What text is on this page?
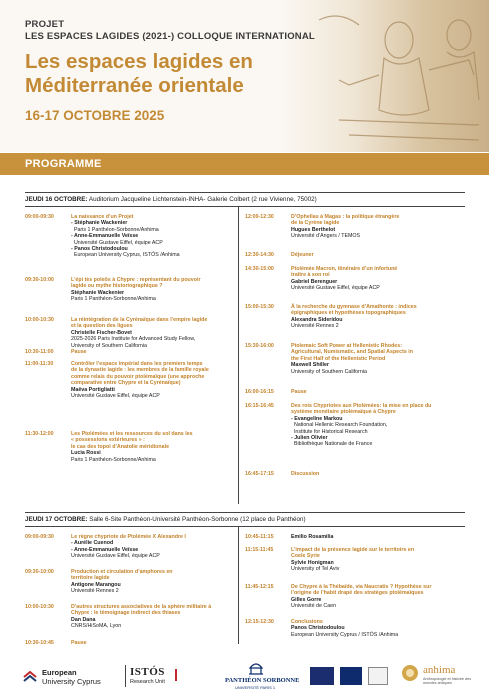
PROJET
LES ESPACES LAGIDES (2021-) COLLOQUE INTERNATIONAL
Les espaces lagides en
Méditerranée orientale
16-17 OCTOBRE 2025
PROGRAMME
JEUDI 16 OCTOBRE: Auditorium Jacqueline Lichtenstein-INHA- Galerie Colbert (2 rue Vivienne, 75002)
09:00-09:30	La naissance d’un Projet
- Stéphanie Wackenier
Paris 1 Panthéon-Sorbonne/Anhima
- Anne-Emmanuelle Veïsse
Université Gustave Eiffel, équipe ACP
- Panos Christodoulou
European University Cyprus, ISTÓS /Anhima
09:30-10:00	L’épi tès poleôs à Chypre : représentant du pouvoir
lagide ou mythe historiographique ?
Stéphanie Wackenier
Paris 1 Panthéon-Sorbonne/Anhima
10:00-10:30	La réintégration de la Cyrénaïque dans l’empire lagide
et la question des ligues
Christelle Fischer-Bovet
2025-2026 Paris Institute for Advanced Study Fellow,
University of Southern California
10:30-11:00	Pause
11:00-11:30	Contrôler l’espace impérial dans les premiers temps
de la dynastie lagide : les membres de la famille royale
comme relais du pouvoir ptolémaïque (une approche
comparative entre Chypre et la Cyrénaïque)
Maëva Portigliatti
Université Gustave Eiffel, équipe ACP
11:30-12:00	Les Ptolémées et les ressources du sol dans les
« possessions extérieures » :
le cas des topoi d’Anatolie méridionale
Lucia Rossi
Paris 1 Panthéon-Sorbonne/Anhima
12:00-12:30	D’Ophellas à Magas : la politique étrangère
de la Cyrène lagide
Hugues Berthelot
Université d’Angers / TEMOS
12:30-14:30	Déjeuner
14:30-15:00	Ptolémée Macron, itinéraire d’un infortuné
traître à son roi
Gabriel Berenguer
Université Gustave Eiffel, équipe ACP
15:00-15:30	À la recherche du gymnase d’Amathonte : indices
épigraphiques et hypothèses topographiques
Alexandra Siderídou
Université Rennes 2
15:30-16:00	Ptolemaic Soft Power at Hellenistic Rhodes:
Agricultural, Numismatic, and Spatial Aspects in
the First Half of the Hellenistic Period
Maxwell Shiller
University of Southern California
16:00-16:15	Pause
16:15-16:45	Des rois Chypriotes aux Ptolémées: la mise en place du
système monétaire ptolémaïque à Chypre
- Evangeline Markou
National Hellenic Research Foundation,
Institute for Historical Research
- Julien Olivier
Bibliothèque Nationale de France
16:45-17:15	Discussion
JEUDI 17 OCTOBRE: Salle 6-Site Panthéon-Université Panthéon-Sorbonne (12 place du Panthéon)
09:00-09:30	Le règne chypriote de Ptolémée X Alexandre I
- Aurélie Cuenod
- Anne-Emmanuelle Veïsse
Université Gustave Eiffel, équipe ACP
09:30-10:00	Production et circulation d’amphores en
territoire lagide
Antigone Marangou
Université Rennes 2
10:00-10:30	D’autres structures associatives de la sphère militaire à
Chypre : le témoignage indirect des thiases
Dan Dana
CNRS/HiSoMA, Lyon
10:30-10:45	Pause
10:45-11:15	Emilio Rosamilia
11:15-11:45	L’impact de la présence lagide sur le territoire en
Coele Syrie
Sylvie Honigman
University of Tel Aviv
11:45-12:15	De Chypre à la Thébaïde, via Naucratis ? Hypothèse sur
l’origine de l’habit drapé des stratèges ptolémaïques
Gilles Gorre
Université de Caen
12:15-12:30	Conclusions
Panos Christodoulou
European University Cyprus / ISTÓS /Anhima
European
University Cyprus
ISTÓS
Research Unit	PANTHÉON SORBONNE
UNIVERSITÉ PARIS 1
anhima
Anthropologie et histoire des mondes antiques
